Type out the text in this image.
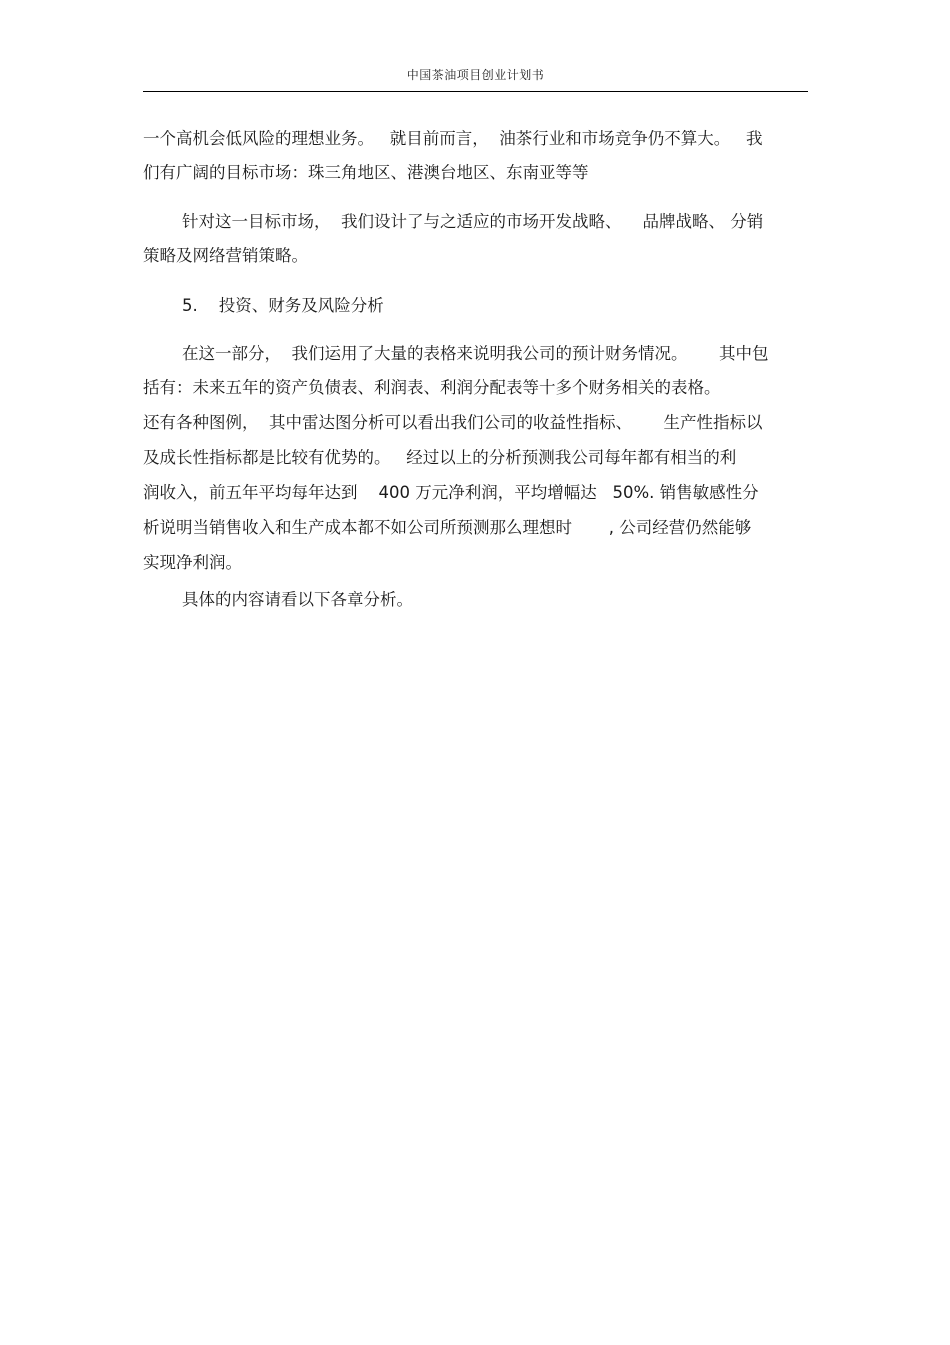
中国茶油项目创业计划书
一个高机会低风险的理想业务。   就目前而言，  油茶行业和市场竞争仍不算大。   我
们有广阔的目标市场：珠三角地区、港澳台地区、东南亚等等
针对这一目标市场，  我们设计了与之适应的市场开发战略、    品牌战略、 分销
策略及网络营销策略。
5.    投资、财务及风险分析
在这一部分，  我们运用了大量的表格来说明我公司的预计财务情况。      其中包
括有：未来五年的资产负债表、利润表、利润分配表等十多个财务相关的表格。
还有各种图例，  其中雷达图分析可以看出我们公司的收益性指标、      生产性指标以
及成长性指标都是比较有优势的。   经过以上的分析预测我公司每年都有相当的利
润收入，前五年平均每年达到    400 万元净利润，平均增幅达   50%. 销售敏感性分
析说明当销售收入和生产成本都不如公司所预测那么理想时       , 公司经营仍然能够
实现净利润。
具体的内容请看以下各章分析。
